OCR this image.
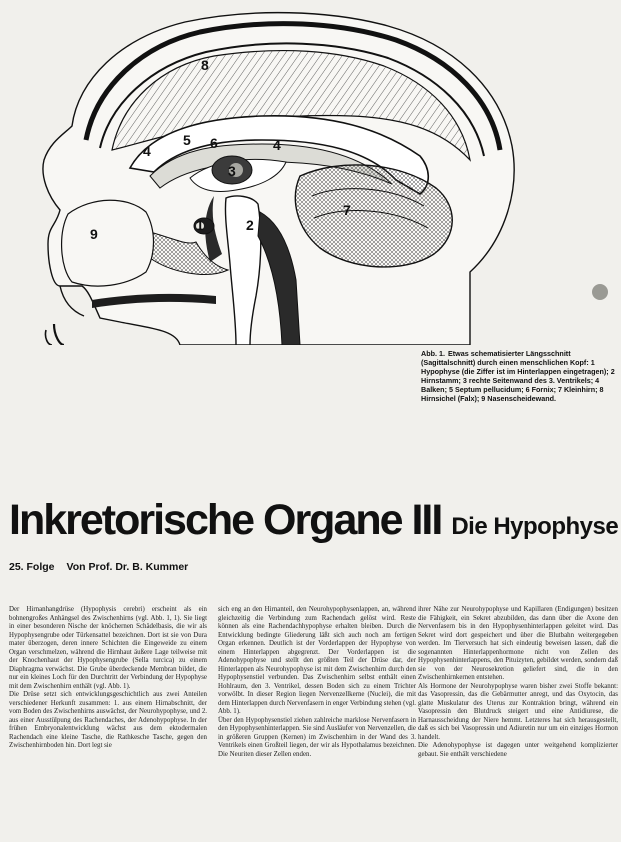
8
4
5 6	4
3
7
2
1
9
Abb. 1. Etwas schematisierter Längsschnitt (Sagittalschnitt) durch einen menschlichen Kopf: 1 Hypophyse (die Ziffer ist im Hinterlappen eingetragen); 2 Hirnstamm; 3 rechte Seitenwand des 3. Ventrikels; 4 Balken; 5 Septum pellucidum; 6 Fornix; 7 Kleinhirn; 8 Hirnsichel (Falx); 9 Nasenscheidewand.
Inkretorische Organe III Die Hypophyse
25. Folge Von Prof. Dr. B. Kummer

Der Hirnanhangdrüse (Hypophysis cerebri) erscheint als ein bohnengroßes Anhängsel des Zwischenhirns (vgl. Abb. 1, 1). Sie liegt in einer besonderen Nische der knöchernen Schädelbasis, die wir als Hypophysengrube oder Türkensattel bezeichnen. Dort ist sie von Dura mater überzogen, deren innere Schichten die Eingeweide zu einem Organ verschmelzen, während die Hirnhaut äußere Lage teilweise mit der Knochenhaut der Hypophysengrube (Sella turcica) zu einem Diaphragma verwächst. Die Grube überdeckende Membran bildet, die nur ein kleines Loch für den Durchtritt der Verbindung der Hypophyse mit dem Zwischenhirn enthält (vgl. Abb. 1).

Die Drüse setzt sich entwicklungsgeschichtlich aus zwei Anteilen verschiedener Herkunft zusammen: 1. aus einem Hirnabschnitt, der vom Boden des Zwischenhirns auswächst, der Neurohypophyse, und 2. aus einer Ausstülpung des Rachendaches, der Adenohypophyse. In der frühen Embryonalentwicklung wächst aus dem ektodermalen Rachendach eine kleine Tasche, die Rathkesche Tasche, gegen den Zwischenhirnboden hin. Dort legt sie

sich eng an den Hirnanteil, den Neurohypophysenlappen, an, während gleichzeitig die Verbindung zum Rachendach gelöst wird. Reste können als eine Rachendachhypophyse erhalten bleiben. Durch die Entwicklung bedingte Gliederung läßt sich auch noch am fertigen Organ erkennen. Deutlich ist der Vorderlappen der Hypophyse von einem Hinterlappen abgegrenzt. Der Vorderlappen ist die Adenohypophyse und stellt den größten Teil der Drüse dar, der Hinterlappen als Neurohypophyse ist mit dem Zwischenhirn durch den Hypophysenstiel verbunden. Das Zwischenhirn selbst enthält einen Hohlraum, den 3. Ventrikel, dessen Boden sich zu einem Trichter vorwölbt. In dieser Region liegen Nervenzellkerne (Nuclei), die mit dem Hinterlappen durch Nervenfasern in enger Verbindung stehen (vgl. Abb. 1).

Über den Hypophysenstiel ziehen zahlreiche marklose Nervenfasern in den Hypophysenhinterlappen. Sie sind Ausläufer von Nervenzellen, die in größeren Gruppen (Kernen) im Zwischenhirn in der Wand des 3. Ventrikels einen Großteil liegen, der wir als Hypothalamus bezeichnen. Die Neuriten dieser Zellen enden.

ihrer Nähe zur Neurohypophyse und Kapillaren (Endigungen) besitzen die Fähigkeit, ein Sekret abzubilden, das dann über die Axone den Nervenfasern bis in den Hypophysenhinterlappen geleitet wird. Das Sekret wird dort gespeichert und über die Blutbahn weitergegeben werden. Im Tierversuch hat sich eindeutig beweisen lassen, daß die sogenannten Hinterlappenhormone nicht von Zellen des Hypophysenhinterlappens, den Pituizyten, gebildet werden, sondern daß sie von der Neurosekretion geliefert sind, die in den Zwischenhirnkernen entstehen.

Als Hormone der Neurohypophyse waren bisher zwei Stoffe bekannt: das Vasopressin, das die Gebärmutter anregt, und das Oxytocin, das glatte Muskulatur des Uterus zur Kontraktion bringt, während ein Vasopressin den Blutdruck steigert und eine Antidiurese, die Harnausscheidung der Niere hemmt. Letzteres hat sich herausgestellt, daß es sich bei Vasopressin und Adiuretin nur um ein einziges Hormon handelt.

Die Adenohypophyse ist dagegen unter weitgehend komplizierter gebaut. Sie enthält verschiedene
